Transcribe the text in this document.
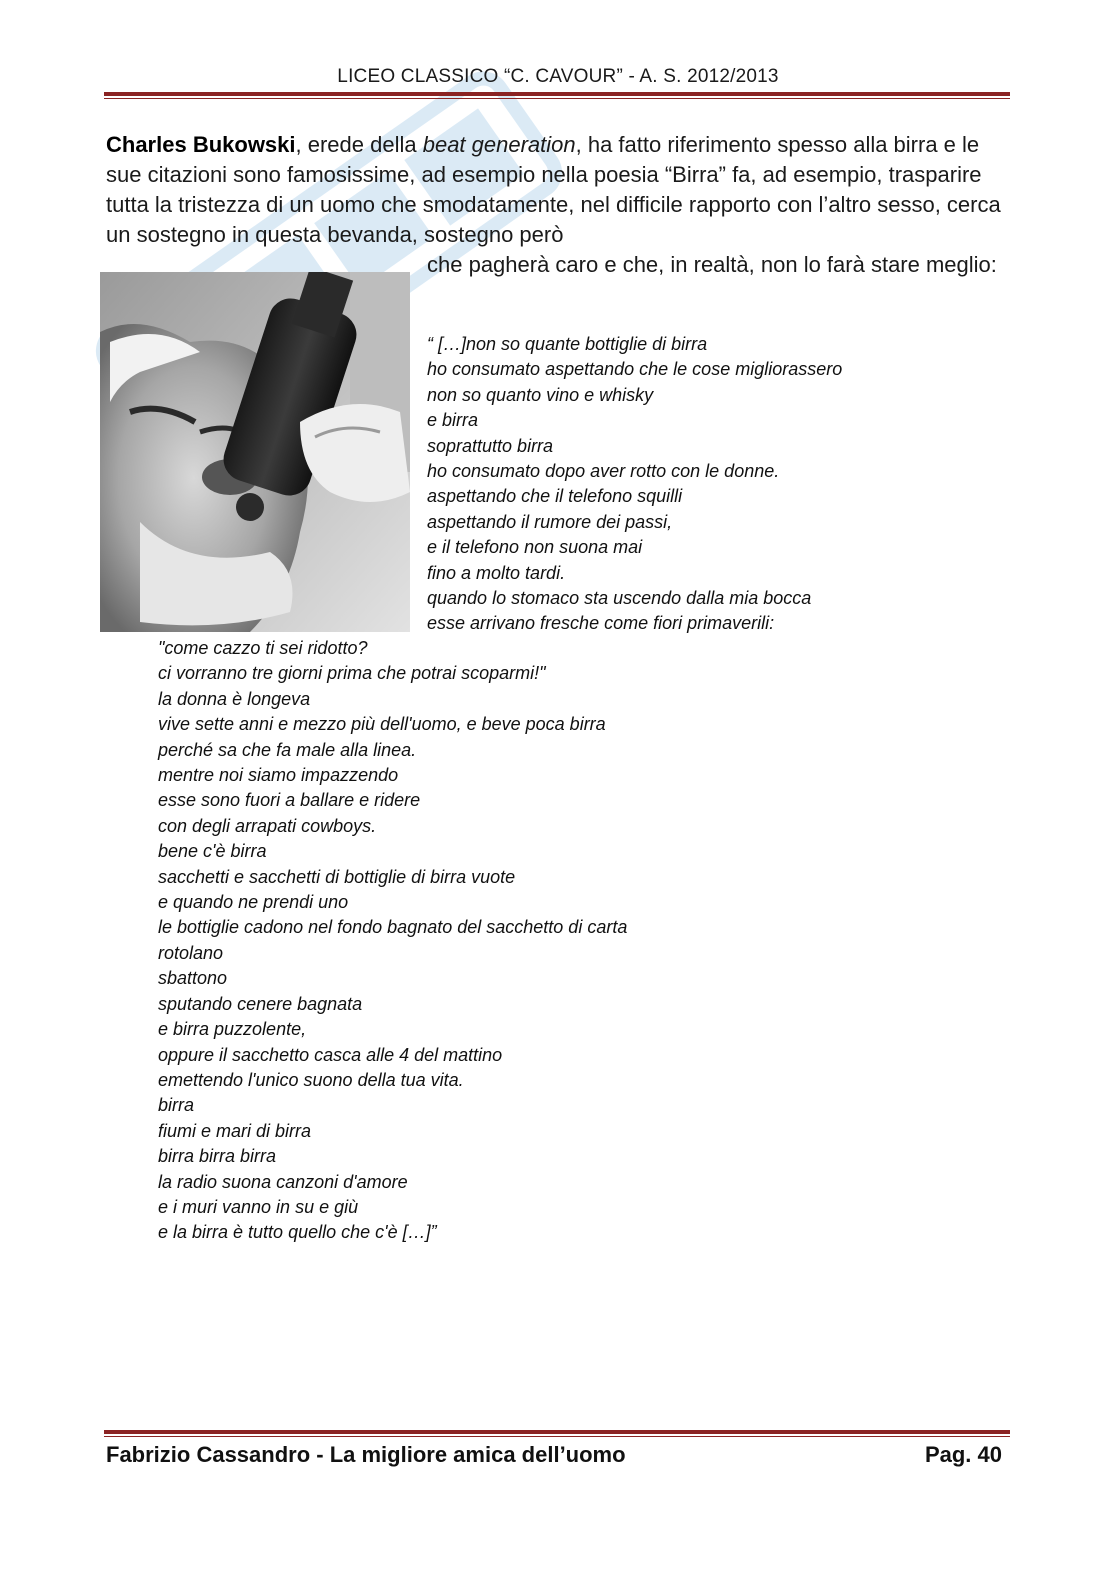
LICEO CLASSICO “C. CAVOUR” - A. S. 2012/2013

Charles Bukowski, erede della beat generation, ha fatto riferimento spesso alla birra e le sue citazioni sono famosissime, ad esempio nella poesia “Birra” fa, ad esempio, trasparire tutta la tristezza di un uomo che smodatamente, nel difficile rapporto con l’altro sesso, cerca un sostegno in questa bevanda, sostegno però

che pagherà caro e che, in realtà, non lo farà stare meglio:

“ […]non so quante bottiglie di birra
ho consumato aspettando che le cose migliorassero
non so quanto vino e whisky
e birra
soprattutto birra
ho consumato dopo aver rotto con le donne.
aspettando che il telefono squilli
aspettando il rumore dei passi,
e il telefono non suona mai
fino a molto tardi.
quando lo stomaco sta uscendo dalla mia bocca
esse arrivano fresche come fiori primaverili:
"come cazzo ti sei ridotto?
ci vorranno tre giorni prima che potrai scoparmi!"
la donna è longeva
vive sette anni e mezzo più dell'uomo, e beve poca birra
perché sa che fa male alla linea.
mentre noi siamo impazzendo
esse sono fuori a ballare e ridere
con degli arrapati cowboys.
bene c'è birra
sacchetti e sacchetti di bottiglie di birra vuote
e quando ne prendi uno
le bottiglie cadono nel fondo bagnato del sacchetto di carta
rotolano
sbattono
sputando cenere bagnata
e birra puzzolente,
oppure il sacchetto casca alle 4 del mattino
emettendo l'unico suono della tua vita.
birra
fiumi e mari di birra
birra birra birra
la radio suona canzoni d'amore
e i muri vanno in su e giù
e la birra è tutto quello che c'è […]”
Fabrizio Cassandro - La migliore amica dell’uomo	Pag. 40
